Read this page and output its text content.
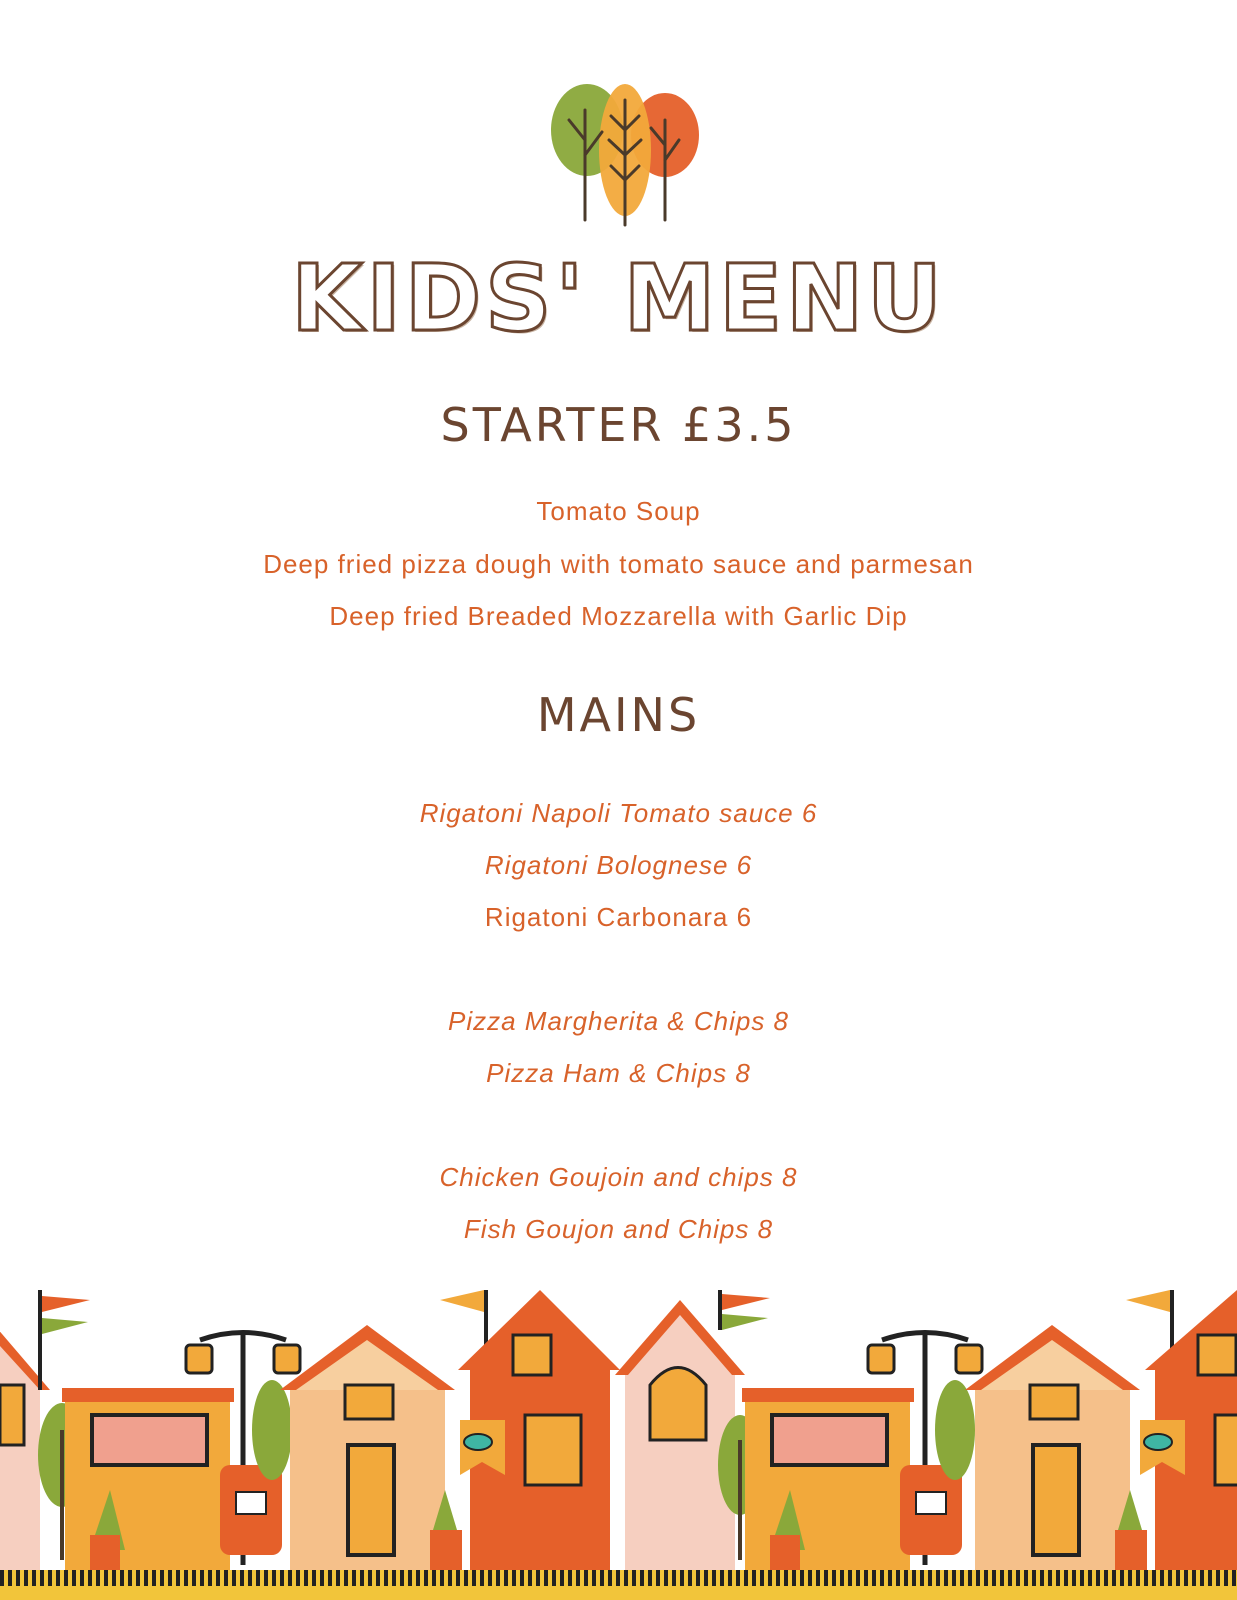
KIDS' MENU
STARTER £3.5
Tomato Soup
Deep fried pizza dough with tomato sauce and parmesan
Deep fried Breaded Mozzarella with Garlic Dip
MAINS
Rigatoni Napoli Tomato sauce 6
Rigatoni Bolognese 6
Rigatoni Carbonara 6
Pizza Margherita & Chips 8
Pizza Ham & Chips 8
Chicken Goujoin and chips 8
Fish Goujon and Chips 8
